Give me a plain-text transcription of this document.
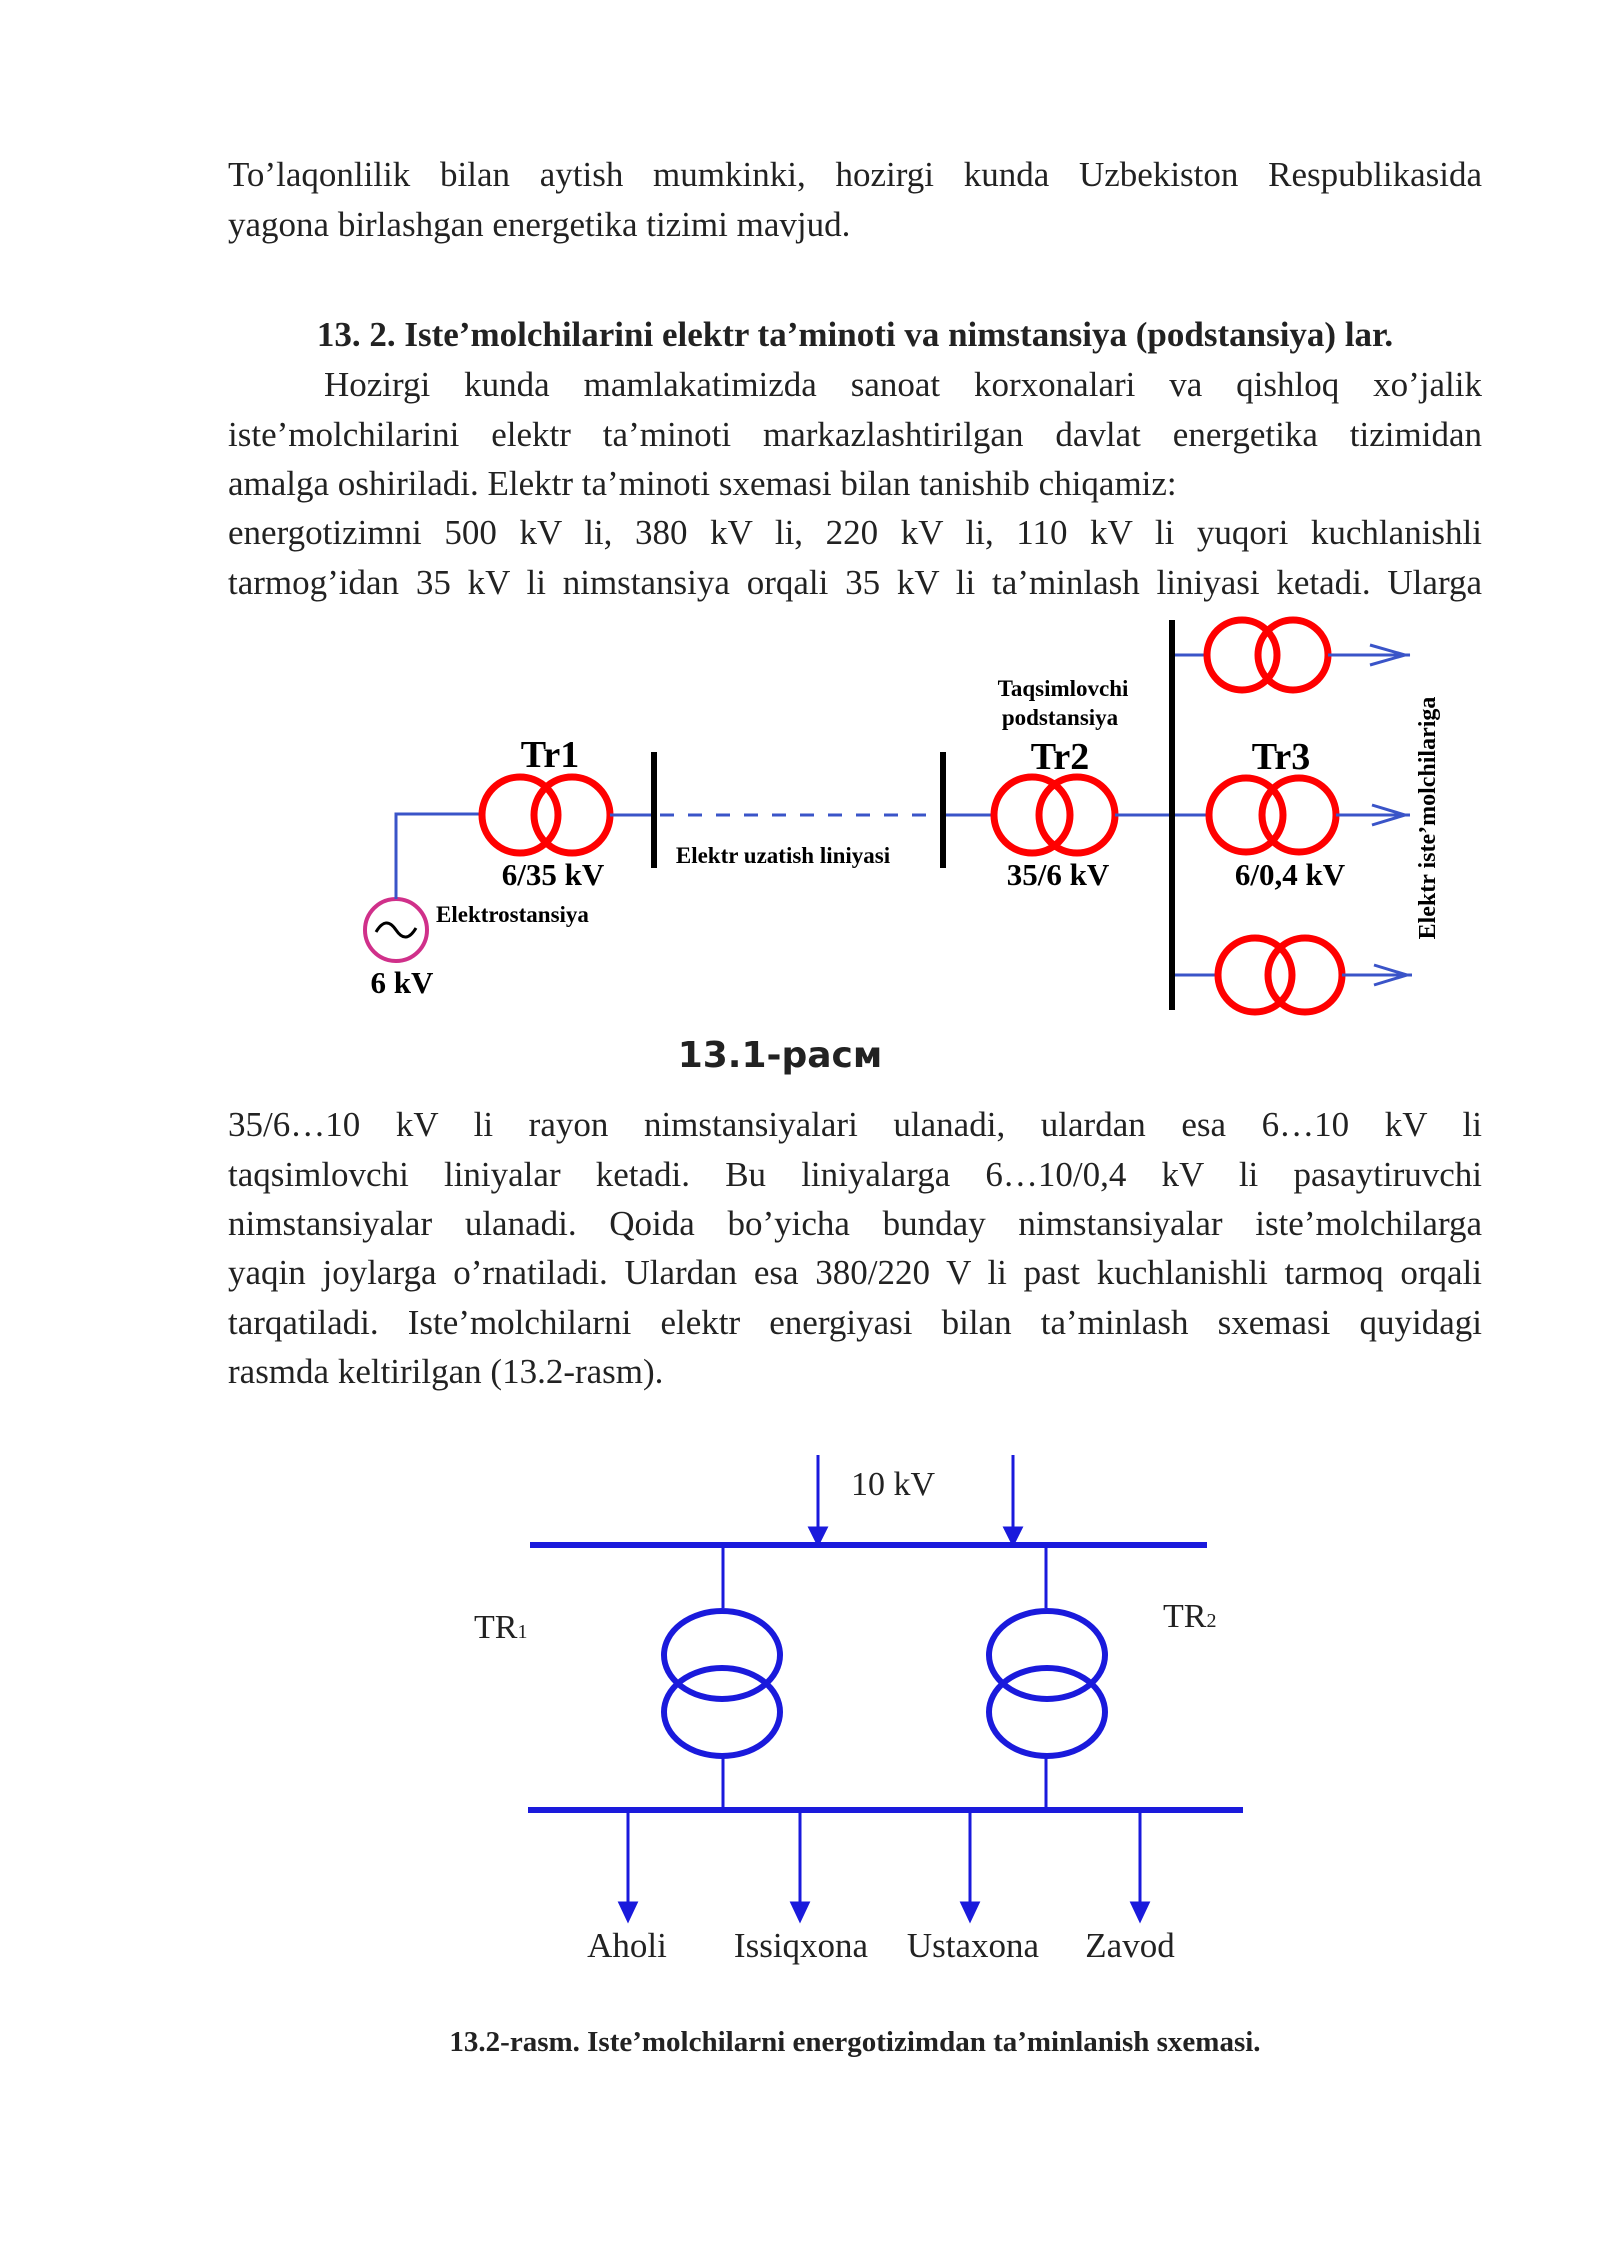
To’laqonlilik bilan aytish mumkinki, hozirgi kunda Uzbekiston Respublikasida
yagona birlashgan energetika tizimi mavjud.
13. 2. Iste’molchilarini elektr ta’minoti va nimstansiya (podstansiya) lar.
Hozirgi kunda mamlakatimizda sanoat korxonalari va qishloq xo’jalik
iste’molchilarini elektr ta’minoti markazlashtirilgan davlat energetika tizimidan
amalga oshiriladi. Elektr ta’minoti sxemasi bilan tanishib chiqamiz:
energotizimni 500 kV li, 380 kV li, 220 kV li, 110 kV li yuqori kuchlanishli
tarmog’idan 35 kV li nimstansiya orqali 35 kV li ta’minlash liniyasi ketadi. Ularga
Tr1
6/35 kV
Elektrostansiya
6 kV
Elektr uzatish liniyasi
Taqsimlovchi
podstansiya
Tr2
35/6 kV
Tr3
6/0,4 kV	Elektr iste’molchilariga
13.1-расм
35/6…10 kV li rayon nimstansiyalari ulanadi, ulardan esa 6…10 kV li
taqsimlovchi liniyalar ketadi. Bu liniyalarga 6…10/0,4 kV li pasaytiruvchi
nimstansiyalar ulanadi. Qoida bo’yicha bunday nimstansiyalar iste’molchilarga
yaqin joylarga o’rnatiladi. Ulardan esa 380/220 V li past kuchlanishli tarmoq orqali
tarqatiladi. Iste’molchilarni elektr energiyasi bilan ta’minlash sxemasi quyidagi
rasmda keltirilgan (13.2-rasm).
10 kV
TR1	TR2
Aholi Issiqxona Ustaxona Zavod
13.2-rasm. Iste’molchilarni energotizimdan ta’minlanish sxemasi.
